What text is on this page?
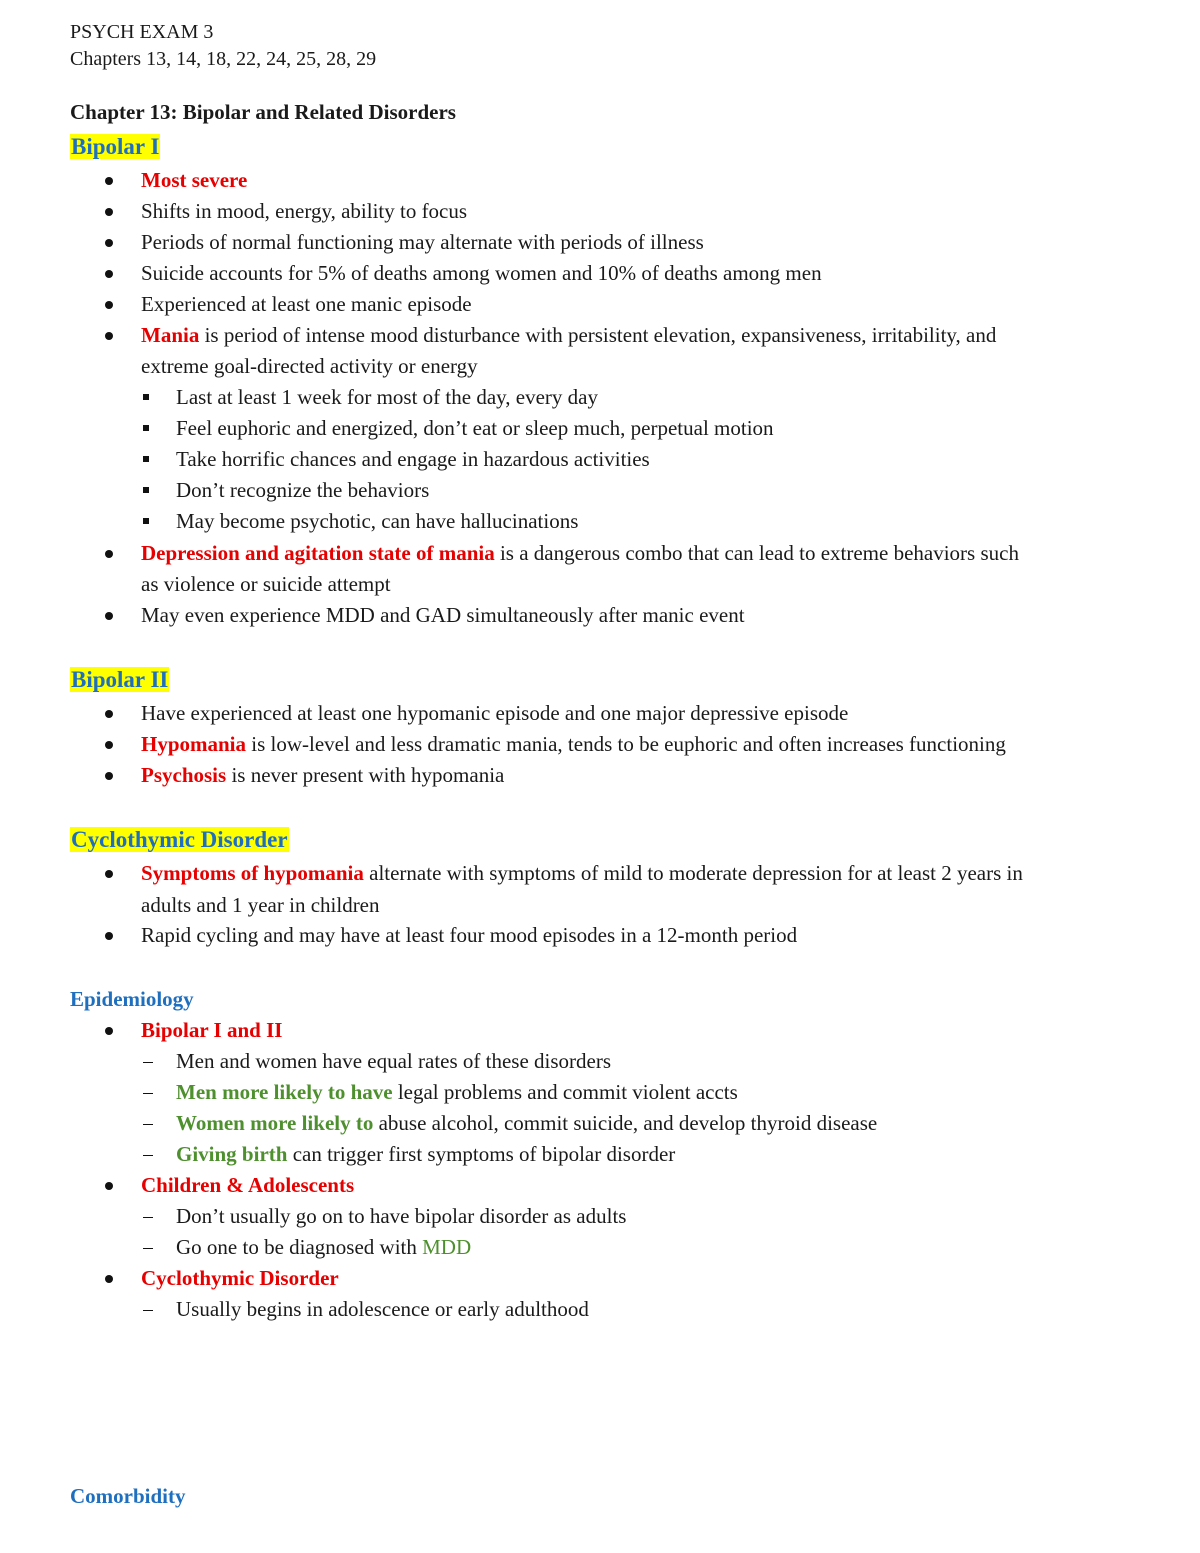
PSYCH EXAM 3
Chapters 13, 14, 18, 22, 24, 25, 28, 29
Chapter 13: Bipolar and Related Disorders
Bipolar I
Most severe
Shifts in mood, energy, ability to focus
Periods of normal functioning may alternate with periods of illness
Suicide accounts for 5% of deaths among women and 10% of deaths among men
Experienced at least one manic episode
Mania is period of intense mood disturbance with persistent elevation, expansiveness, irritability, and
extreme goal-directed activity or energy
Last at least 1 week for most of the day, every day
Feel euphoric and energized, don’t eat or sleep much, perpetual motion
Take horrific chances and engage in hazardous activities
Don’t recognize the behaviors
May become psychotic, can have hallucinations
Depression and agitation state of mania is a dangerous combo that can lead to extreme behaviors such
as violence or suicide attempt
May even experience MDD and GAD simultaneously after manic event
Bipolar II
Have experienced at least one hypomanic episode and one major depressive episode
Hypomania is low-level and less dramatic mania, tends to be euphoric and often increases functioning
Psychosis is never present with hypomania
Cyclothymic Disorder
Symptoms of hypomania alternate with symptoms of mild to moderate depression for at least 2 years in
adults and 1 year in children
Rapid cycling and may have at least four mood episodes in a 12-month period
Epidemiology
Bipolar I and II
Men and women have equal rates of these disorders
Men more likely to have legal problems and commit violent accts
Women more likely to abuse alcohol, commit suicide, and develop thyroid disease
Giving birth can trigger first symptoms of bipolar disorder
Children & Adolescents
Don’t usually go on to have bipolar disorder as adults
Go one to be diagnosed with MDD
Cyclothymic Disorder
Usually begins in adolescence or early adulthood
Comorbidity
